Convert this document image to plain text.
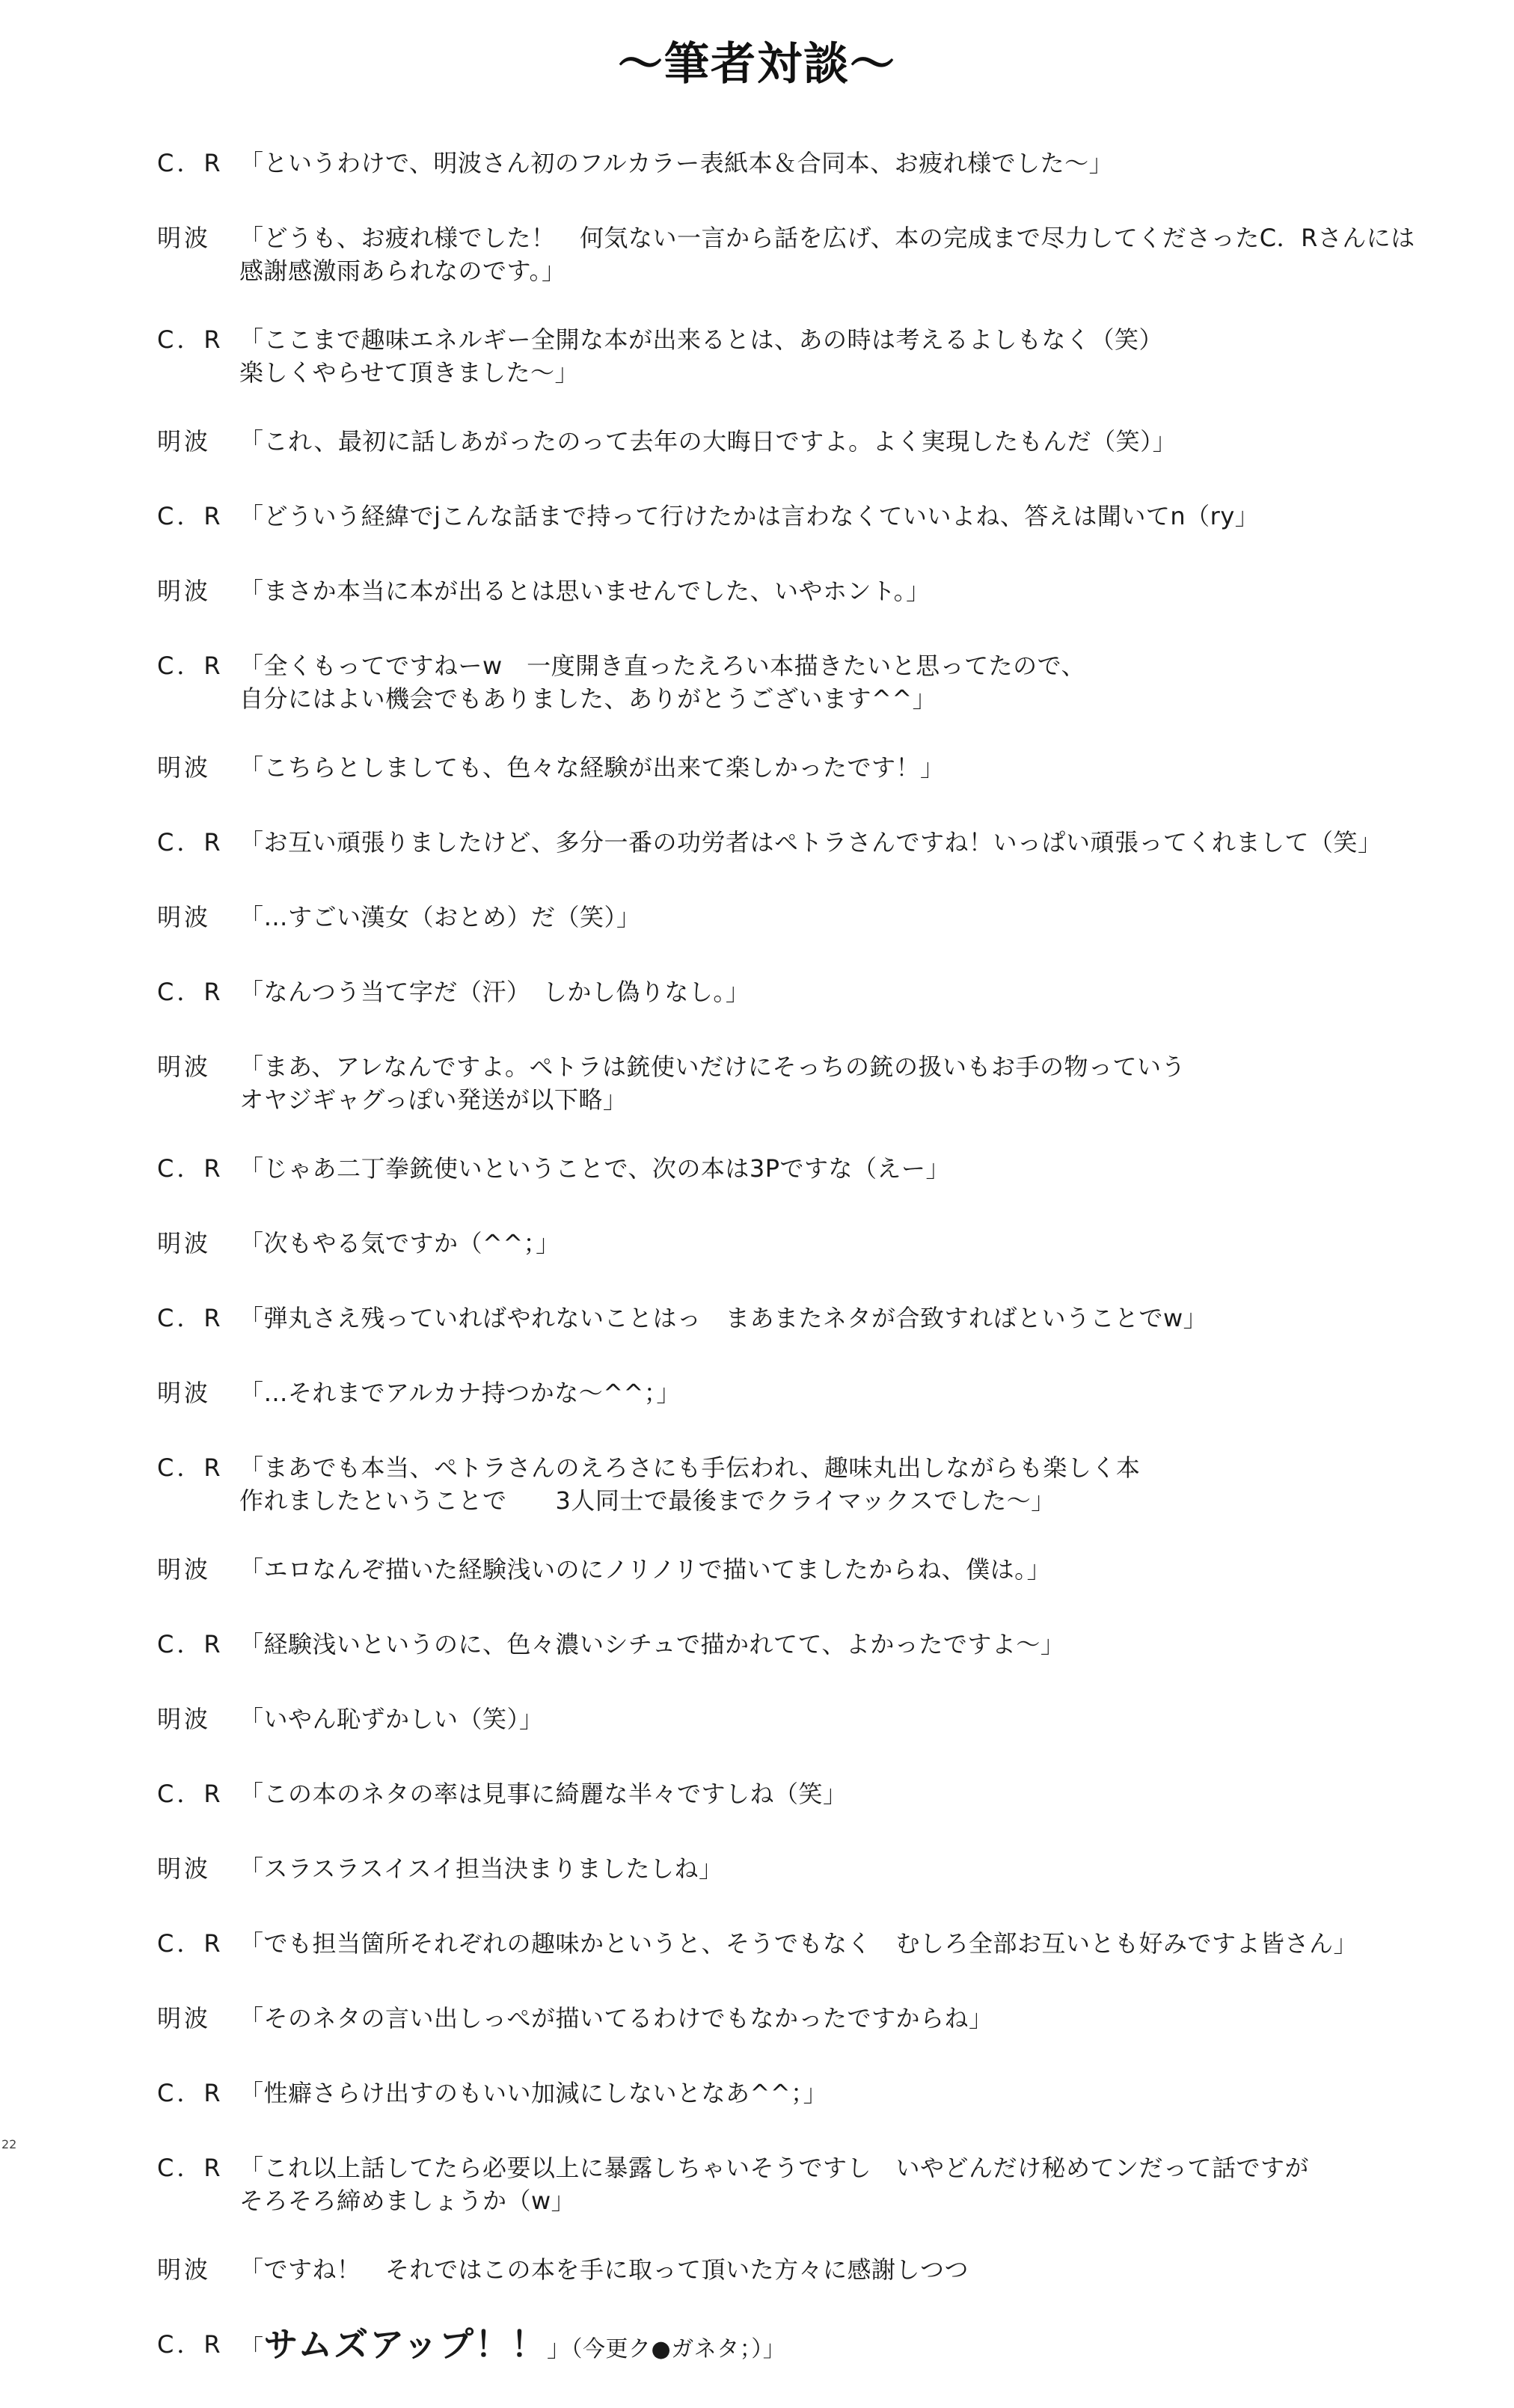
〜筆者対談〜
C．R 「というわけで、明波さん初のフルカラー表紙本＆合同本、お疲れ様でした〜」
明波	「どうも、お疲れ様でした！　何気ない一言から話を広げ、本の完成まで尽力してくださったC．Rさんには
感謝感激雨あられなのです。」
C．R 「ここまで趣味エネルギー全開な本が出来るとは、あの時は考えるよしもなく（笑）
楽しくやらせて頂きました〜」
明波	「これ、最初に話しあがったのって去年の大晦日ですよ。よく実現したもんだ（笑）」
C．R 「どういう経緯でjこんな話まで持って行けたかは言わなくていいよね、答えは聞いてn（ry」
明波	「まさか本当に本が出るとは思いませんでした、いやホント。」
C．R 「全くもってですねーw　一度開き直ったえろい本描きたいと思ってたので、
自分にはよい機会でもありました、ありがとうございます^^」
明波	「こちらとしましても、色々な経験が出来て楽しかったです！」
C．R 「お互い頑張りましたけど、多分一番の功労者はペトラさんですね！いっぱい頑張ってくれまして（笑」
明波	「…すごい漢女（おとめ）だ（笑）」
C．R 「なんつう当て字だ（汗）　しかし偽りなし。」
明波	「まあ、アレなんですよ。ペトラは銃使いだけにそっちの銃の扱いもお手の物っていう
オヤジギャグっぽい発送が以下略」
C．R 「じゃあ二丁拳銃使いということで、次の本は3Pですな（えー」
明波	「次もやる気ですか（^^；」
C．R 「弾丸さえ残っていればやれないことはっ　まあまたネタが合致すればということでw」
明波	「…それまでアルカナ持つかな〜^^；」
C．R 「まあでも本当、ペトラさんのえろさにも手伝われ、趣味丸出しながらも楽しく本
作れましたということで　　3人同士で最後までクライマックスでした〜」
明波	「エロなんぞ描いた経験浅いのにノリノリで描いてましたからね、僕は。」
C．R 「経験浅いというのに、色々濃いシチュで描かれてて、よかったですよ〜」
明波	「いやん恥ずかしい（笑）」
C．R 「この本のネタの率は見事に綺麗な半々ですしね（笑」
明波	「スラスラスイスイ担当決まりましたしね」
C．R 「でも担当箇所それぞれの趣味かというと、そうでもなく　むしろ全部お互いとも好みですよ皆さん」
明波	「そのネタの言い出しっぺが描いてるわけでもなかったですからね」
C．R 「性癖さらけ出すのもいい加減にしないとなあ^^；」
C．R 「これ以上話してたら必要以上に暴露しちゃいそうですし　いやどんだけ秘めてンだって話ですが
そろそろ締めましょうか（w」
明波	「ですね！　それではこの本を手に取って頂いた方々に感謝しつつ
C．R 「サムズアップ！！」（今更ク●ガネタ；）」
22
